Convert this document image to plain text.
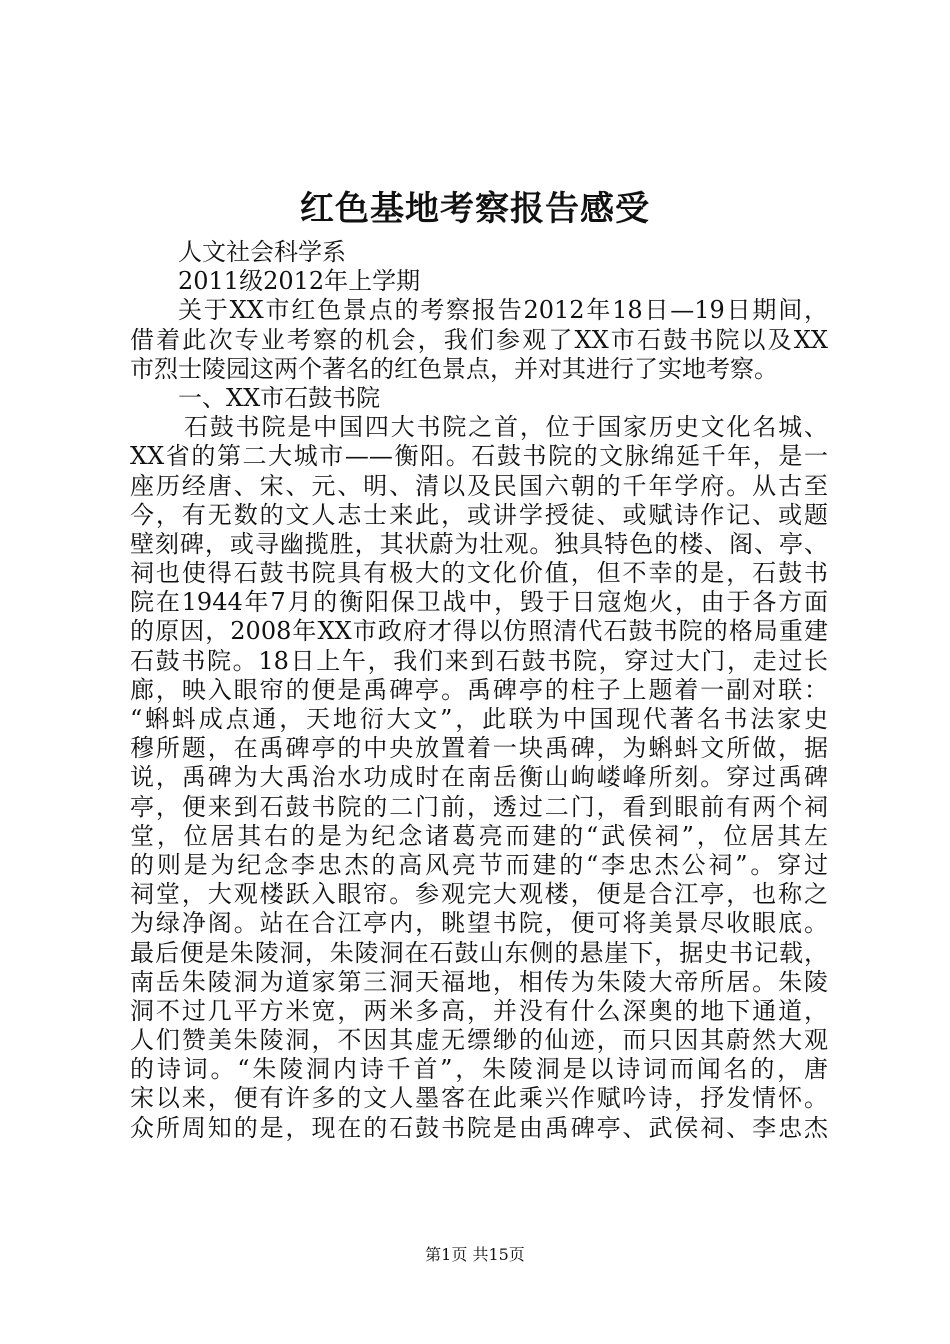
红色基地考察报告感受
人文社会科学系
2011级2012年上学期
关于XX市红色景点的考察报告2012年18日—19日期间，
借着此次专业考察的机会，我们参观了XX市石鼓书院以及XX
市烈士陵园这两个著名的红色景点，并对其进行了实地考察。
一、XX市石鼓书院
石鼓书院是中国四大书院之首，位于国家历史文化名城、
XX省的第二大城市——衡阳。石鼓书院的文脉绵延千年，是一
座历经唐、宋、元、明、清以及民国六朝的千年学府。从古至
今，有无数的文人志士来此，或讲学授徒、或赋诗作记、或题
壁刻碑，或寻幽揽胜，其状蔚为壮观。独具特色的楼、阁、亭、
祠也使得石鼓书院具有极大的文化价值，但不幸的是，石鼓书
院在1944年7月的衡阳保卫战中，毁于日寇炮火，由于各方面
的原因，2008年XX市政府才得以仿照清代石鼓书院的格局重建
石鼓书院。18日上午，我们来到石鼓书院，穿过大门，走过长
廊，映入眼帘的便是禹碑亭。禹碑亭的柱子上题着一副对联：
“蝌蚪成点通，天地衍大文”，此联为中国现代著名书法家史
穆所题，在禹碑亭的中央放置着一块禹碑，为蝌蚪文所做，据
说，禹碑为大禹治水功成时在南岳衡山岣嵝峰所刻。穿过禹碑
亭，便来到石鼓书院的二门前，透过二门，看到眼前有两个祠
堂，位居其右的是为纪念诸葛亮而建的“武侯祠”，位居其左
的则是为纪念李忠杰的高风亮节而建的“李忠杰公祠”。穿过
祠堂，大观楼跃入眼帘。参观完大观楼，便是合江亭，也称之
为绿净阁。站在合江亭内，眺望书院，便可将美景尽收眼底。
最后便是朱陵洞，朱陵洞在石鼓山东侧的悬崖下，据史书记载，
南岳朱陵洞为道家第三洞天福地，相传为朱陵大帝所居。朱陵
洞不过几平方米宽，两米多高，并没有什么深奥的地下通道，
人们赞美朱陵洞，不因其虚无缥缈的仙迹，而只因其蔚然大观
的诗词。“朱陵洞内诗千首”，朱陵洞是以诗词而闻名的，唐
宋以来，便有许多的文人墨客在此乘兴作赋吟诗，抒发情怀。
众所周知的是，现在的石鼓书院是由禹碑亭、武侯祠、李忠杰
第1页 共15页
